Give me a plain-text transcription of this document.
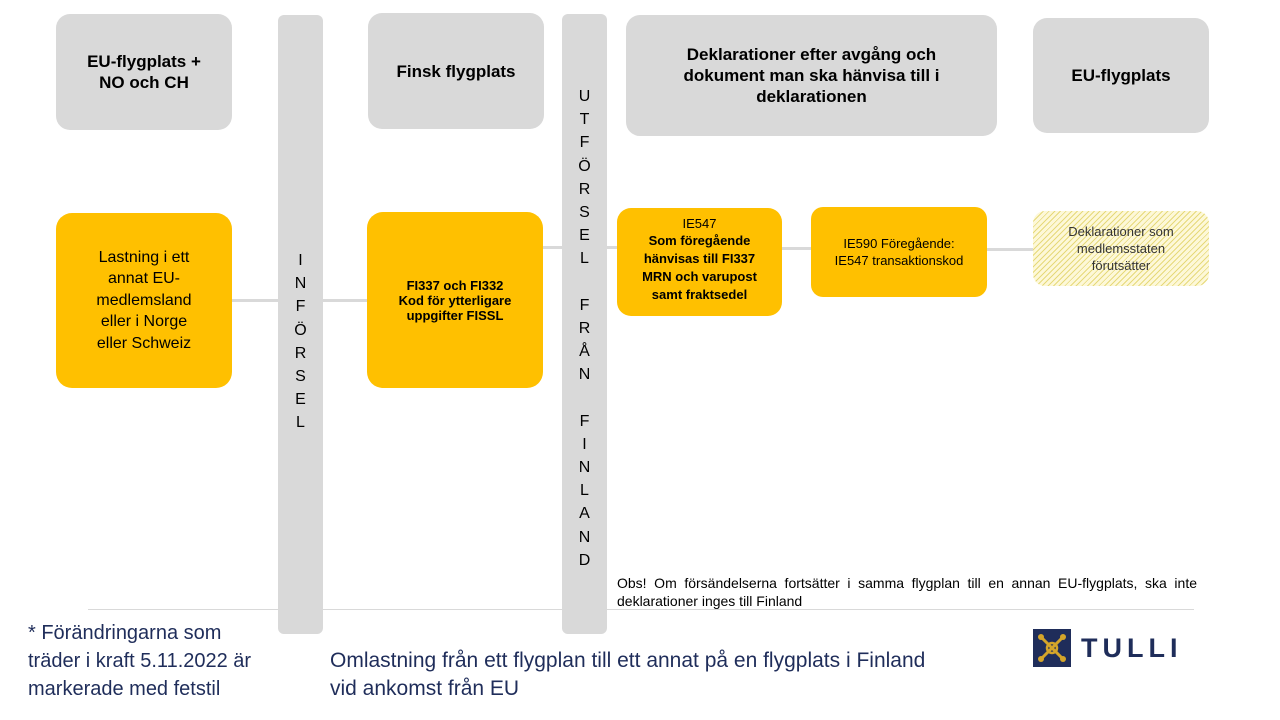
EU-flygplats + NO och CH
Finsk flygplats
Deklarationer efter avgång och dokument man ska hänvisa till i deklarationen
EU-flygplats
I
N
F
Ö
R
S
E
L
U
T
F
Ö
R
S
E
L
F
R
Å
N
F
I
N
L
A
N
D
Lastning i ett annat EU-medlemsland eller i Norge eller Schweiz
FI337 och FI332
Kod för ytterligare uppgifter FISSL
IE547
Som föregående hänvisas till FI337 MRN och varupost samt fraktsedel
IE590 Föregående: IE547 transaktionskod
Deklarationer som medlemsstaten förutsätter
Obs! Om försändelserna fortsätter i samma flygplan till en annan EU-flygplats, ska inte deklarationer inges till Finland
* Förändringarna som träder i kraft 5.11.2022 är markerade med fetstil
Omlastning från ett flygplan till ett annat på en flygplats i Finland vid ankomst från EU
TULLI
